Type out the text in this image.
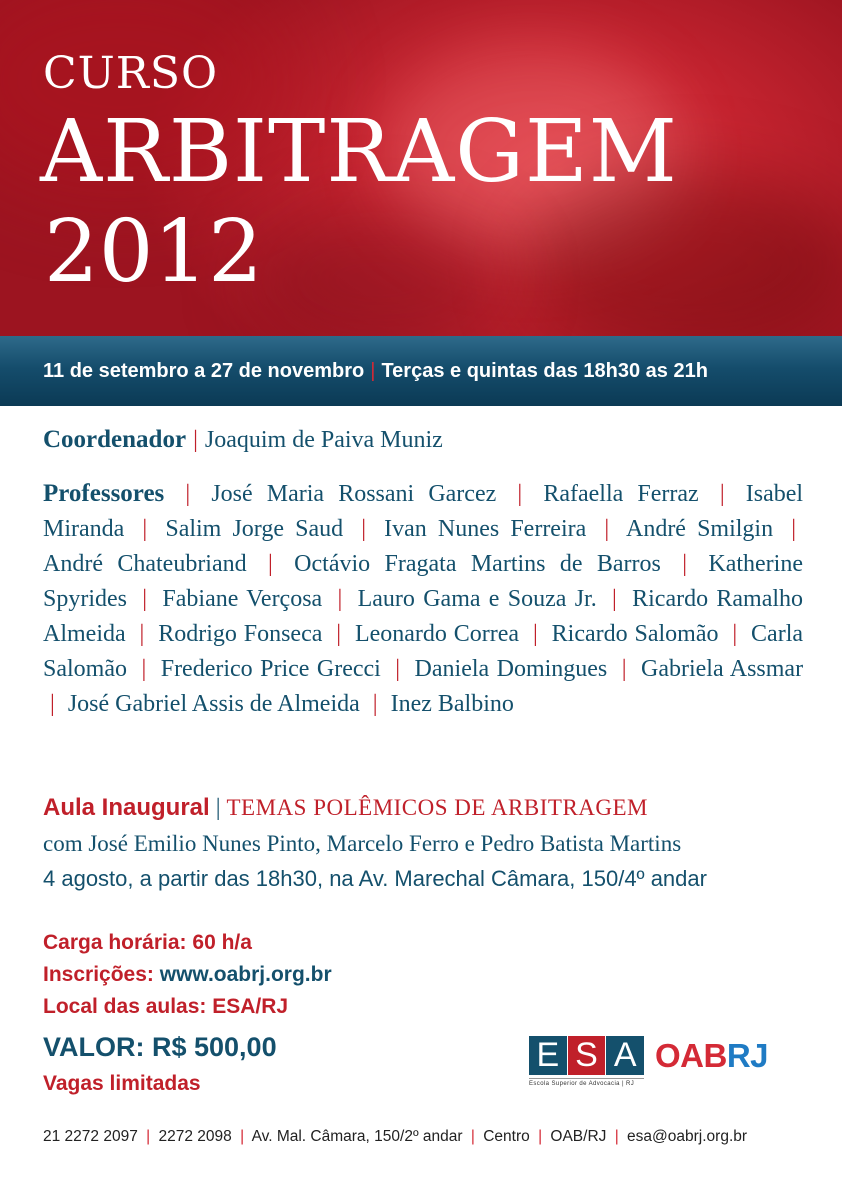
CURSO
ARBITRAGEM
2012
11 de setembro a 27 de novembro | Terças e quintas das 18h30 as 21h
Coordenador | Joaquim de Paiva Muniz
Professores | José Maria Rossani Garcez | Rafaella Ferraz | Isabel Miranda | Salim Jorge Saud | Ivan Nunes Ferreira | André Smilgin | André Chateubriand | Octávio Fragata Martins de Barros | Katherine Spyrides | Fabiane Verçosa | Lauro Gama e Souza Jr. | Ricardo Ramalho Almeida | Rodrigo Fonseca | Leonardo Correa | Ricardo Salomão | Carla Salomão | Frederico Price Grecci | Daniela Domingues | Gabriela Assmar | José Gabriel Assis de Almeida | Inez Balbino
Aula Inaugural | TEMAS POLÊMICOS DE ARBITRAGEM
com José Emilio Nunes Pinto, Marcelo Ferro e Pedro Batista Martins
4 agosto, a partir das 18h30, na Av. Marechal Câmara, 150/4º andar
Carga horária: 60 h/a
Inscrições: www.oabrj.org.br
Local das aulas: ESA/RJ
VALOR: R$ 500,00
Vagas limitadas
E S A
Escola Superior de Advocacia | RJ
OABRJ
21 2272 2097 | 2272 2098 | Av. Mal. Câmara, 150/2º andar | Centro | OAB/RJ | esa@oabrj.org.br
